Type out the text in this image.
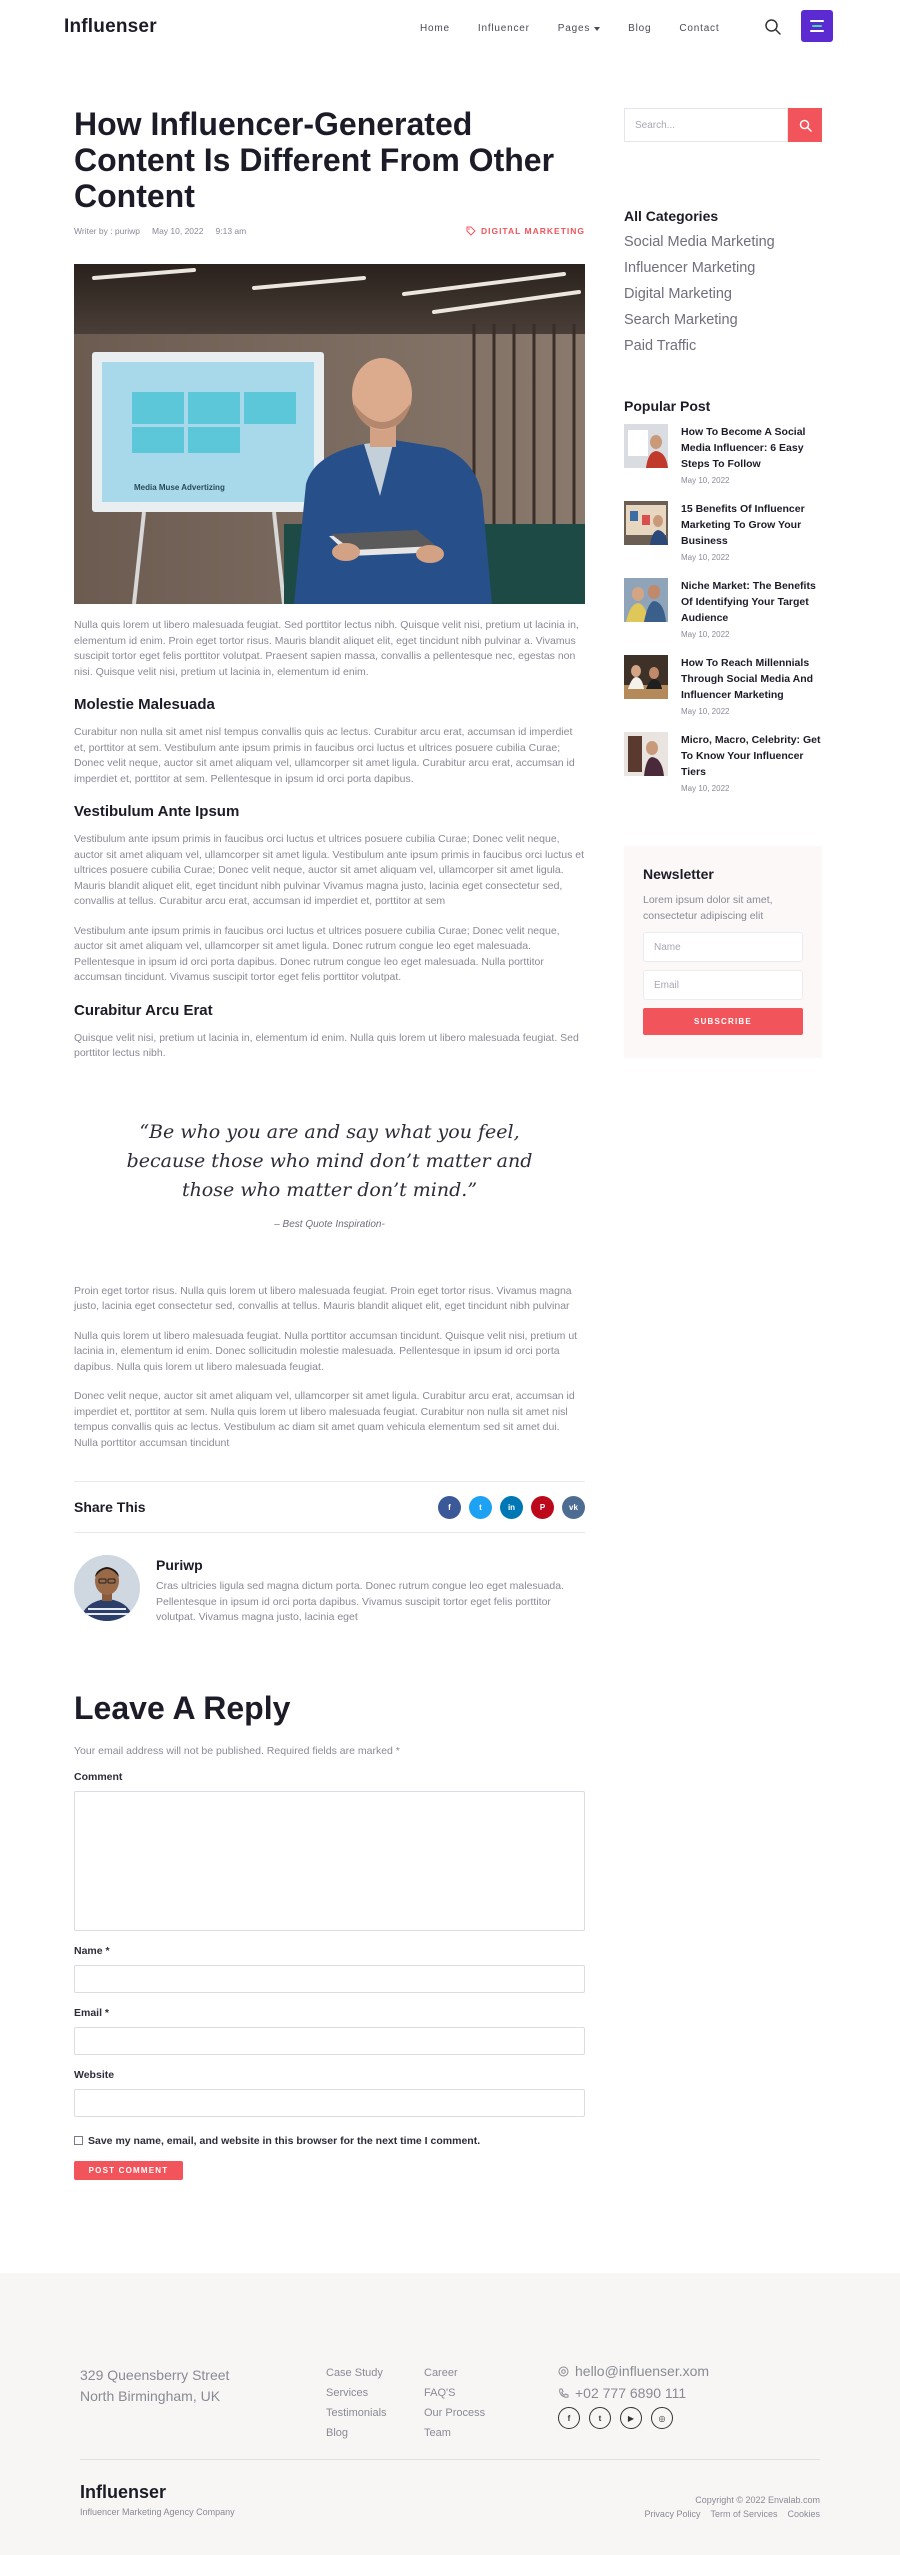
Influenser	Home	Influencer	Pages	Blog	Contact
How Influencer-Generated Content Is Different From Other Content
Writer by : puriwp May 10, 2022 9:13 am	DIGITAL MARKETING
Media Muse Advertizing

Nulla quis lorem ut libero malesuada feugiat. Sed porttitor lectus nibh. Quisque velit nisi, pretium ut lacinia in, elementum id enim. Proin eget tortor risus. Mauris blandit aliquet elit, eget tincidunt nibh pulvinar a. Vivamus suscipit tortor eget felis porttitor volutpat. Praesent sapien massa, convallis a pellentesque nec, egestas non nisi. Quisque velit nisi, pretium ut lacinia in, elementum id enim.

Molestie Malesuada

Curabitur non nulla sit amet nisl tempus convallis quis ac lectus. Curabitur arcu erat, accumsan id imperdiet et, porttitor at sem. Vestibulum ante ipsum primis in faucibus orci luctus et ultrices posuere cubilia Curae; Donec velit neque, auctor sit amet aliquam vel, ullamcorper sit amet ligula. Curabitur arcu erat, accumsan id imperdiet et, porttitor at sem. Pellentesque in ipsum id orci porta dapibus.

Vestibulum Ante Ipsum

Vestibulum ante ipsum primis in faucibus orci luctus et ultrices posuere cubilia Curae; Donec velit neque, auctor sit amet aliquam vel, ullamcorper sit amet ligula. Vestibulum ante ipsum primis in faucibus orci luctus et ultrices posuere cubilia Curae; Donec velit neque, auctor sit amet aliquam vel, ullamcorper sit amet ligula. Mauris blandit aliquet elit, eget tincidunt nibh pulvinar Vivamus magna justo, lacinia eget consectetur sed, convallis at tellus. Curabitur arcu erat, accumsan id imperdiet et, porttitor at sem

Vestibulum ante ipsum primis in faucibus orci luctus et ultrices posuere cubilia Curae; Donec velit neque, auctor sit amet aliquam vel, ullamcorper sit amet ligula. Donec rutrum congue leo eget malesuada. Pellentesque in ipsum id orci porta dapibus. Donec rutrum congue leo eget malesuada. Nulla porttitor accumsan tincidunt. Vivamus suscipit tortor eget felis porttitor volutpat.

Curabitur Arcu Erat

Quisque velit nisi, pretium ut lacinia in, elementum id enim. Nulla quis lorem ut libero malesuada feugiat. Sed porttitor lectus nibh.

“Be who you are and say what you feel, because those who mind don’t matter and those who matter don’t mind.”
– Best Quote Inspiration-

Proin eget tortor risus. Nulla quis lorem ut libero malesuada feugiat. Proin eget tortor risus. Vivamus magna justo, lacinia eget consectetur sed, convallis at tellus. Mauris blandit aliquet elit, eget tincidunt nibh pulvinar

Nulla quis lorem ut libero malesuada feugiat. Nulla porttitor accumsan tincidunt. Quisque velit nisi, pretium ut lacinia in, elementum id enim. Donec sollicitudin molestie malesuada. Pellentesque in ipsum id orci porta dapibus. Nulla quis lorem ut libero malesuada feugiat.

Donec velit neque, auctor sit amet aliquam vel, ullamcorper sit amet ligula. Curabitur arcu erat, accumsan id imperdiet et, porttitor at sem. Nulla quis lorem ut libero malesuada feugiat. Curabitur non nulla sit amet nisl tempus convallis quis ac lectus. Vestibulum ac diam sit amet quam vehicula elementum sed sit amet dui. Nulla porttitor accumsan tincidunt

Share This	f	t	in	P	vk
Puriwp
Cras ultricies ligula sed magna dictum porta. Donec rutrum congue leo eget malesuada. Pellentesque in ipsum id orci porta dapibus. Vivamus suscipit tortor eget felis porttitor volutpat. Vivamus magna justo, lacinia eget
Leave A Reply
Your email address will not be published. Required fields are marked *
Comment
Name *
Email *
Website
Save my name, email, and website in this browser for the next time I comment.
POST COMMENT
Search...
All Categories
Social Media Marketing
Influencer Marketing
Digital Marketing
Search Marketing
Paid Traffic
Popular Post
How To Become A Social Media Influencer: 6 Easy Steps To Follow
May 10, 2022
15 Benefits Of Influencer Marketing To Grow Your Business
May 10, 2022
Niche Market: The Benefits Of Identifying Your Target Audience
May 10, 2022
How To Reach Millennials Through Social Media And Influencer Marketing
May 10, 2022
Micro, Macro, Celebrity: Get To Know Your Influencer Tiers
May 10, 2022
Newsletter
Lorem ipsum dolor sit amet, consectetur adipiscing elit
Name
Email
SUBSCRIBE
329 Queensberry Street
North Birmingham, UK
Case Study
Services
Testimonials
Blog
Career
FAQ'S
Our Process
Team
hello@influenser.xom
+02 777 6890 111
f	t	▶	◎
Influenser
Influencer Marketing Agency Company
Copyright © 2022 Envalab.com
Privacy Policy Term of Services Cookies
